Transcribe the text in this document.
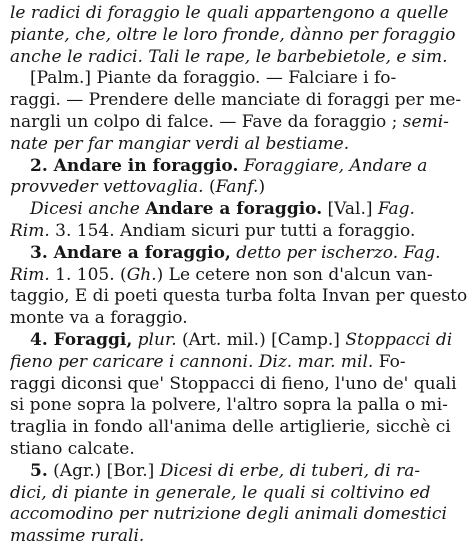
le radici di foraggio le quali appartengono a quelle
piante, che, oltre le loro fronde, dànno per foraggio
anche le radici. Tali le rape, le barbebietole, e sim.
[Palm.] Piante da foraggio. — Falciare i fo-
raggi. — Prendere delle manciate di foraggi per me-
nargli un colpo di falce. — Fave da foraggio ; semi-
nate per far mangiar verdi al bestiame.
2. Andare in foraggio. Foraggiare, Andare a
provveder vettovaglia. (Fanf.)
Dicesi anche Andare a foraggio. [Val.] Fag.
Rim. 3. 154. Andiam sicuri pur tutti a foraggio.
3. Andare a foraggio, detto per ischerzo. Fag.
Rim. 1. 105. (Gh.) Le cetere non son d'alcun van-
taggio, E di poeti questa turba folta Invan per questo
monte va a foraggio.
4. Foraggi, plur. (Art. mil.) [Camp.] Stoppacci di
fieno per caricare i cannoni. Diz. mar. mil. Fo-
raggi diconsi que' Stoppacci di fieno, l'uno de' quali
si pone sopra la polvere, l'altro sopra la palla o mi-
traglia in fondo all'anima delle artiglierie, sicchè ci
stiano calcate.
5. (Agr.) [Bor.] Dicesi di erbe, di tuberi, di ra-
dici, di piante in generale, le quali si coltivino ed
accomodino per nutrizione degli animali domestici
massime rurali.
